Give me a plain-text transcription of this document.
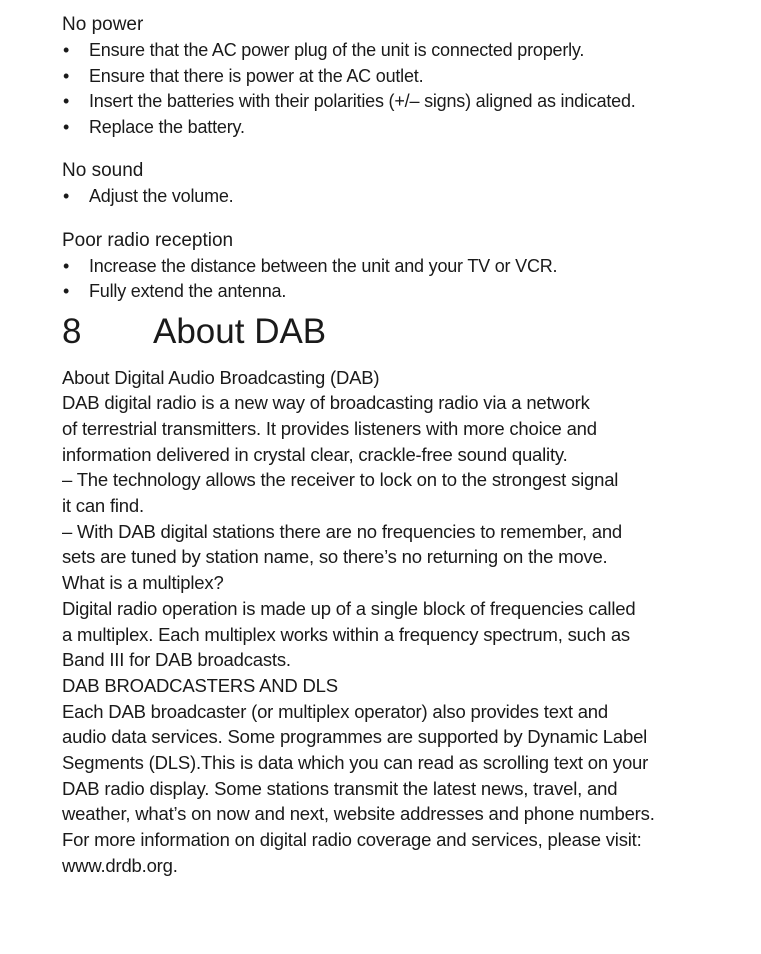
No power
• Ensure that the AC power plug of the unit is connected properly.
• Ensure that there is power at the AC outlet.
• Insert the batteries with their polarities (+/– signs) aligned as indicated.
• Replace the battery.
No sound
• Adjust the volume.
Poor radio reception
• Increase the distance between the unit and your TV or VCR.
• Fully extend the antenna.
8	About DAB

About Digital Audio Broadcasting (DAB)

DAB digital radio is a new way of broadcasting radio via a network

of terrestrial transmitters. It provides listeners with more choice and

information delivered in crystal clear, crackle-free sound quality.

– The technology allows the receiver to lock on to the strongest signal

it can find.

– With DAB digital stations there are no frequencies to remember, and

sets are tuned by station name, so there’s no returning on the move.

What is a multiplex?

Digital radio operation is made up of a single block of frequencies called

a multiplex. Each multiplex works within a frequency spectrum, such as

Band III for DAB broadcasts.

DAB BROADCASTERS AND DLS

Each DAB broadcaster (or multiplex operator) also provides text and

audio data services. Some programmes are supported by Dynamic Label

Segments (DLS).This is data which you can read as scrolling text on your

DAB radio display. Some stations transmit the latest news, travel, and

weather, what’s on now and next, website addresses and phone numbers.

For more information on digital radio coverage and services, please visit:

www.drdb.org.
